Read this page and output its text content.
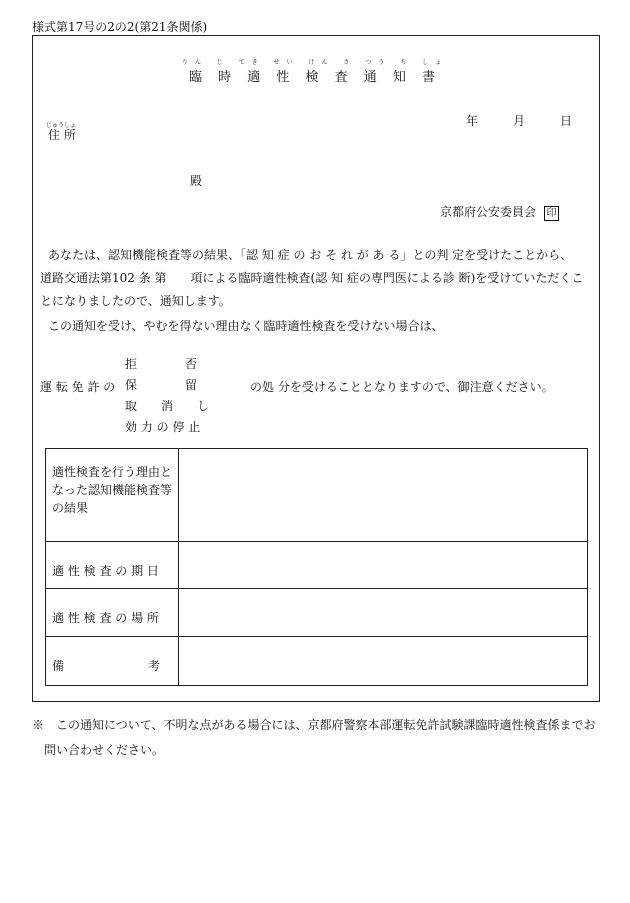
様式第17号の2の2(第21条関係)
りん じ てき せい けん さ つう ち しょ
臨 時 適 性 検 査 通 知 書
年	月	日
じゅうしょ
住 所
殿
京都府公安委員会 印
あなたは、認知機能検査等の結果、「認 知 症 の お そ れ が あ る」との判 定を受けたことから、
道路交通法第102 条 第　　項による臨時適性検査(認 知 症の専門医による診 断)を受けていただくこ
とになりましたので、通知します。
この通知を受け、やむを得ない理由なく臨時適性検査を受けない場合は、
運 転 免 許 の
拒　　　　否
保　　　　留
取　　消　　し
効 力 の 停 止
の処 分を受けることとなりますので、御注意ください。
適性検査を行う理由となった認知機能検査等の結果
適 性 検 査 の 期 日
適 性 検 査 の 場 所
備　　　　　　　考
※　この通知について、不明な点がある場合には、京都府警察本部運転免許試験課臨時適性検査係までお
問い合わせください。
